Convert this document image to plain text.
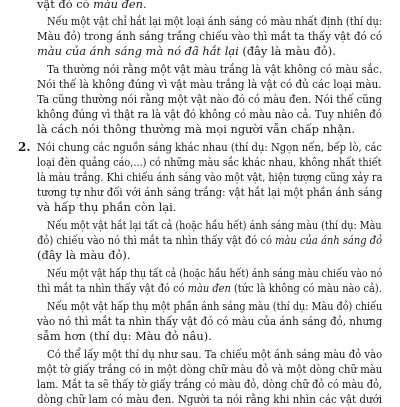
vật đó có màu đen.
Nếu một vật chỉ hắt lại một loại ánh sáng có màu nhất định (thí dụ:
Màu đỏ) trong ánh sáng trắng chiếu vào thì mắt ta thấy vật đó có
màu của ánh sáng mà nó đã hắt lại (đây là màu đỏ).
Ta thường nói rằng một vật màu trắng là vật không có màu sắc.
Nói thế là không đúng vì vật màu trắng là vật có đủ các loại màu.
Ta cũng thường nói rằng một vật nào đó có màu đen. Nói thế cũng
không đúng vì thật ra là vật đó không có màu nào cả. Tuy nhiên đó
là cách nói thông thường mà mọi người vẫn chấp nhận.
2. Nói chung các nguồn sáng khác nhau (thí dụ: Ngọn nến, bếp lò, các
loại đèn quảng cáo,...) có những màu sắc khác nhau, không nhất thiết
là màu trắng. Khi chiếu ánh sáng vào một vật, hiện tượng cũng xảy ra
tương tự như đối với ánh sáng trắng: vật hắt lại một phần ánh sáng
và hấp thụ phần còn lại.
Nếu một vật hắt lại tất cả (hoặc hầu hết) ánh sáng màu (thí dụ: Màu
đỏ) chiếu vào nó thì mắt ta nhìn thấy vật đó có màu của ánh sáng đỏ
(đây là màu đỏ).
Nếu một vật hấp thụ tất cả (hoặc hầu hết) ánh sáng màu chiếu vào nó
thì mắt ta nhìn thấy vật đó có màu đen (tức là không có màu nào cả).
Nếu một vật hấp thụ một phần ánh sáng màu (thí dụ: Màu đỏ) chiếu
vào nó thì mắt ta nhìn thấy vật đó có màu của ánh sáng đỏ, nhưng
sẫm hơn (thí dụ: Màu đỏ nâu).
Có thể lấy một thí dụ như sau. Ta chiếu một ánh sáng màu đỏ vào
một tờ giấy trắng có in một dòng chữ màu đỏ và một dòng chữ màu
lam. Mắt ta sẽ thấy tờ giấy trắng có màu đỏ, dòng chữ đỏ có màu đỏ,
dòng chữ lam có màu đen. Người ta nói rằng khi nhìn các vật dưới
